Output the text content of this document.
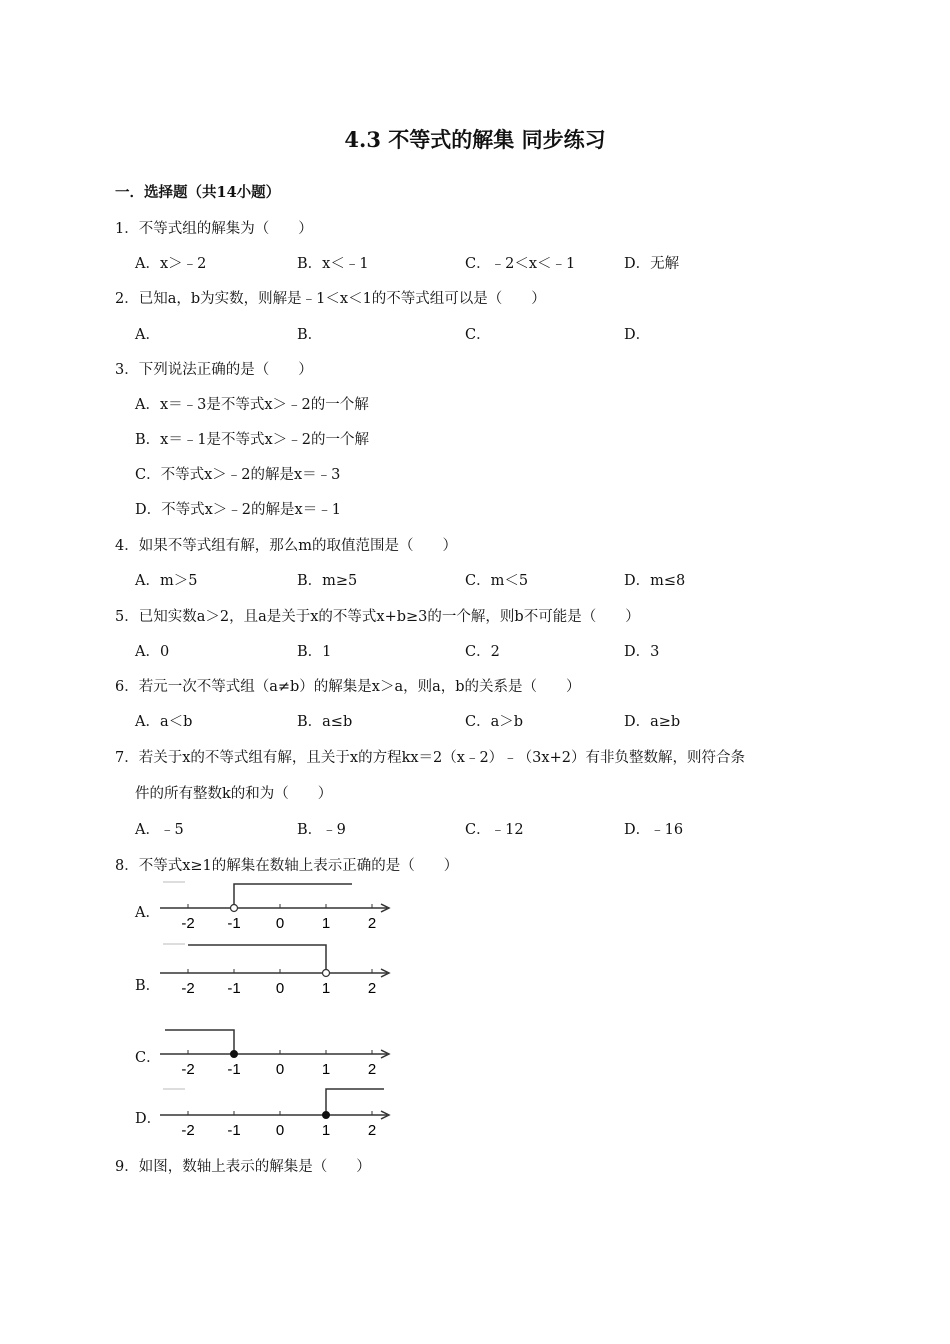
4.3 不等式的解集 同步练习
一．选择题（共14小题）
1．不等式组的解集为（　　）
A．x＞﹣2	B．x＜﹣1	C．﹣2＜x＜﹣1	D．无解
2．已知a，b为实数，则解是﹣1＜x＜1的不等式组可以是（　　）
A．	B．	C．	D．
3．下列说法正确的是（　　）
A．x＝﹣3是不等式x＞﹣2的一个解
B．x＝﹣1是不等式x＞﹣2的一个解
C．不等式x＞﹣2的解是x＝﹣3
D．不等式x＞﹣2的解是x＝﹣1
4．如果不等式组有解，那么m的取值范围是（　　）
A．m＞5	B．m≥5	C．m＜5	D．m≤8
5．已知实数a＞2，且a是关于x的不等式x+b≥3的一个解，则b不可能是（　　）
A．0	B．1	C．2	D．3
6．若元一次不等式组（a≠b）的解集是x＞a，则a，b的关系是（　　）
A．a＜b	B．a≤b	C．a＞b	D．a≥b
7．若关于x的不等式组有解，且关于x的方程kx＝2（x﹣2）﹣（3x+2）有非负整数解，则符合条
件的所有整数k的和为（　　）
A．﹣5	B．﹣9	C．﹣12	D．﹣16
8．不等式x≥1的解集在数轴上表示正确的是（　　）
A．
-2 -1 0	1	2
B． -2 -1 0	1	2
C．
-2 -1 0	1	2
D．
-2 -1 0	1	2
9．如图，数轴上表示的解集是（　　）
